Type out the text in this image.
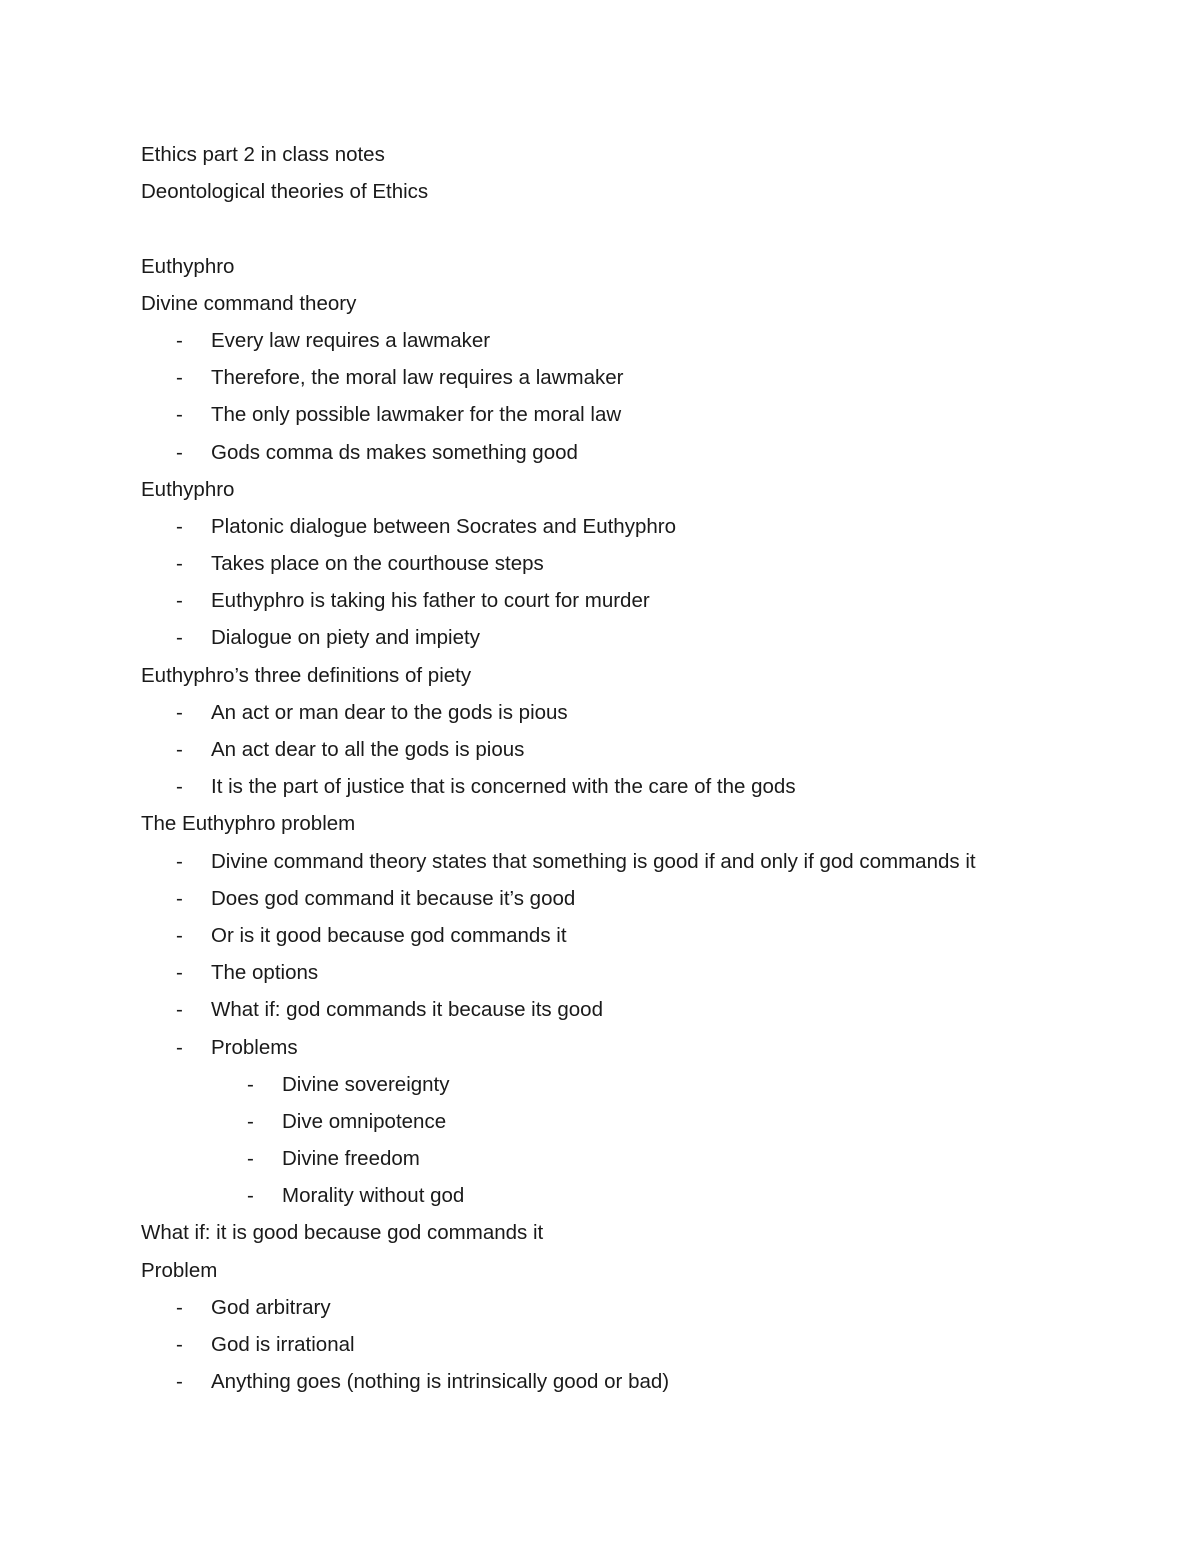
Ethics part 2 in class notes
Deontological theories of Ethics
Euthyphro
Divine command theory
- Every law requires a lawmaker
- Therefore, the moral law requires a lawmaker
- The only possible lawmaker for the moral law
- Gods comma ds makes something good
Euthyphro
- Platonic dialogue between Socrates and Euthyphro
- Takes place on the courthouse steps
- Euthyphro is taking his father to court for murder
- Dialogue on piety and impiety
Euthyphro’s three definitions of piety
- An act or man dear to the gods is pious
- An act dear to all the gods is pious
- It is the part of justice that is concerned with the care of the gods
The Euthyphro problem
- Divine command theory states that something is good if and only if god commands it
- Does god command it because it’s good
- Or is it good because god commands it
- The options
- What if: god commands it because its good
- Problems
- Divine sovereignty
- Dive omnipotence
- Divine freedom
- Morality without god
What if: it is good because god commands it
Problem
- God arbitrary
- God is irrational
- Anything goes (nothing is intrinsically good or bad)
